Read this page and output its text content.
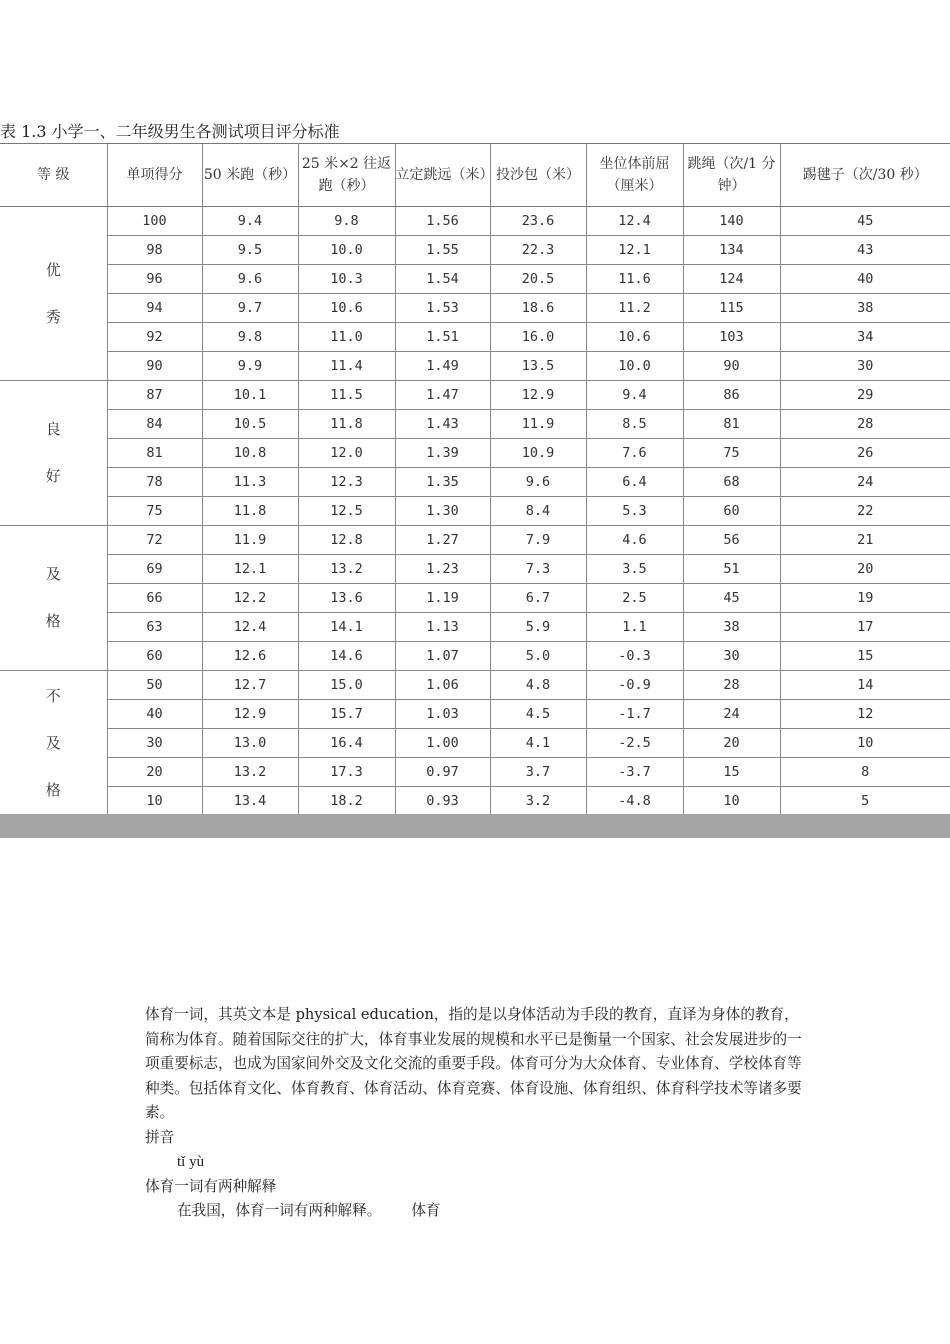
表 1.3 小学一、二年级男生各测试项目评分标准
等 级	单项得分	50 米跑（秒）	25 米×2 往返跑（秒）	立定跳远（米）	投沙包（米）	坐位体前屈（厘米）	跳绳（次/1 分钟）	踢毽子（次/30 秒）
优
秀	100	9.4	9.8	1.56	23.6	12.4	140	45
	98	9.5	10.0	1.55	22.3	12.1	134	43
	96	9.6	10.3	1.54	20.5	11.6	124	40
	94	9.7	10.6	1.53	18.6	11.2	115	38
	92	9.8	11.0	1.51	16.0	10.6	103	34
	90	9.9	11.4	1.49	13.5	10.0	90	30
良
好	87	10.1	11.5	1.47	12.9	9.4	86	29
	84	10.5	11.8	1.43	11.9	8.5	81	28
	81	10.8	12.0	1.39	10.9	7.6	75	26
	78	11.3	12.3	1.35	9.6	6.4	68	24
	75	11.8	12.5	1.30	8.4	5.3	60	22
及
格	72	11.9	12.8	1.27	7.9	4.6	56	21
	69	12.1	13.2	1.23	7.3	3.5	51	20
	66	12.2	13.6	1.19	6.7	2.5	45	19
	63	12.4	14.1	1.13	5.9	1.1	38	17
	60	12.6	14.6	1.07	5.0	-0.3	30	15
不
及
格	50	12.7	15.0	1.06	4.8	-0.9	28	14
	40	12.9	15.7	1.03	4.5	-1.7	24	12
	30	13.0	16.4	1.00	4.1	-2.5	20	10
	20	13.2	17.3	0.97	3.7	-3.7	15	8
	10	13.4	18.2	0.93	3.2	-4.8	10	5

体育一词，其英文本是 physical education，指的是以身体活动为手段的教育，直译为身体的教育，简称为体育。随着国际交往的扩大，体育事业发展的规模和水平已是衡量一个国家、社会发展进步的一项重要标志，也成为国家间外交及文化交流的重要手段。体育可分为大众体育、专业体育、学校体育等种类。包括体育文化、体育教育、体育活动、体育竞赛、体育设施、体育组织、体育科学技术等诸多要素。

拼音

tǐ yù

体育一词有两种解释

在我国，体育一词有两种解释。 体育
